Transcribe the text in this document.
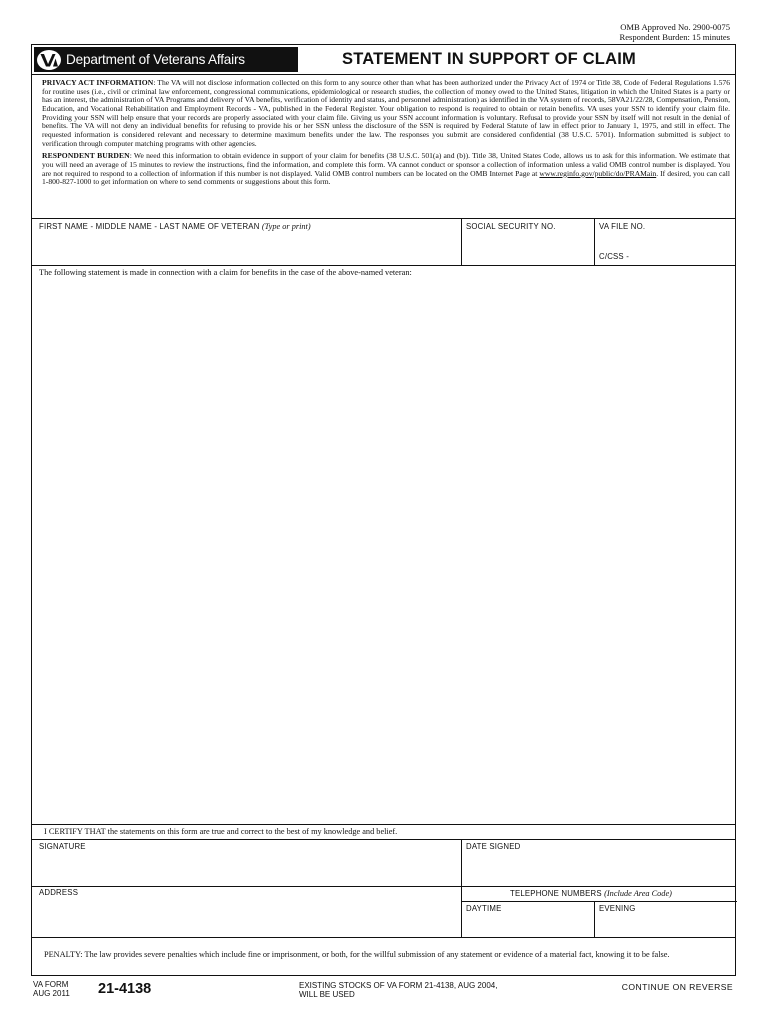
OMB Approved No. 2900-0075
Respondent Burden: 15 minutes
Department of Veterans Affairs	STATEMENT IN SUPPORT OF CLAIM

PRIVACY ACT INFORMATION: The VA will not disclose information collected on this form to any source other than what has been authorized under the Privacy Act of 1974 or Title 38, Code of Federal Regulations 1.576 for routine uses (i.e., civil or criminal law enforcement, congressional communications, epidemiological or research studies, the collection of money owed to the United States, litigation in which the United States is a party or has an interest, the administration of VA Programs and delivery of VA benefits, verification of identity and status, and personnel administration) as identified in the VA system of records, 58VA21/22/28, Compensation, Pension, Education, and Vocational Rehabilitation and Employment Records - VA, published in the Federal Register. Your obligation to respond is required to obtain or retain benefits. VA uses your SSN to identify your claim file. Providing your SSN will help ensure that your records are properly associated with your claim file. Giving us your SSN account information is voluntary. Refusal to provide your SSN by itself will not result in the denial of benefits. The VA will not deny an individual benefits for refusing to provide his or her SSN unless the disclosure of the SSN is required by Federal Statute of law in effect prior to January 1, 1975, and still in effect. The requested information is considered relevant and necessary to determine maximum benefits under the law. The responses you submit are considered confidential (38 U.S.C. 5701). Information submitted is subject to verification through computer matching programs with other agencies.

RESPONDENT BURDEN: We need this information to obtain evidence in support of your claim for benefits (38 U.S.C. 501(a) and (b)). Title 38, United States Code, allows us to ask for this information. We estimate that you will need an average of 15 minutes to review the instructions, find the information, and complete this form. VA cannot conduct or sponsor a collection of information unless a valid OMB control number is displayed. You are not required to respond to a collection of information if this number is not displayed. Valid OMB control numbers can be located on the OMB Internet Page at www.reginfo.gov/public/do/PRAMain. If desired, you can call 1-800-827-1000 to get information on where to send comments or suggestions about this form.

FIRST NAME - MIDDLE NAME - LAST NAME OF VETERAN (Type or print)	SOCIAL SECURITY NO.	VA FILE NO.
C/CSS -
The following statement is made in connection with a claim for benefits in the case of the above-named veteran:
I CERTIFY THAT the statements on this form are true and correct to the best of my knowledge and belief.
SIGNATURE	DATE SIGNED
ADDRESS	TELEPHONE NUMBERS (Include Area Code)
DAYTIME	EVENING
PENALTY: The law provides severe penalties which include fine or imprisonment, or both, for the willful submission of any statement or evidence of a material fact, knowing it to be false.
VA FORM
AUG 2011 21-4138	EXISTING STOCKS OF VA FORM 21-4138, AUG 2004,
WILL BE USED
CONTINUE ON REVERSE
